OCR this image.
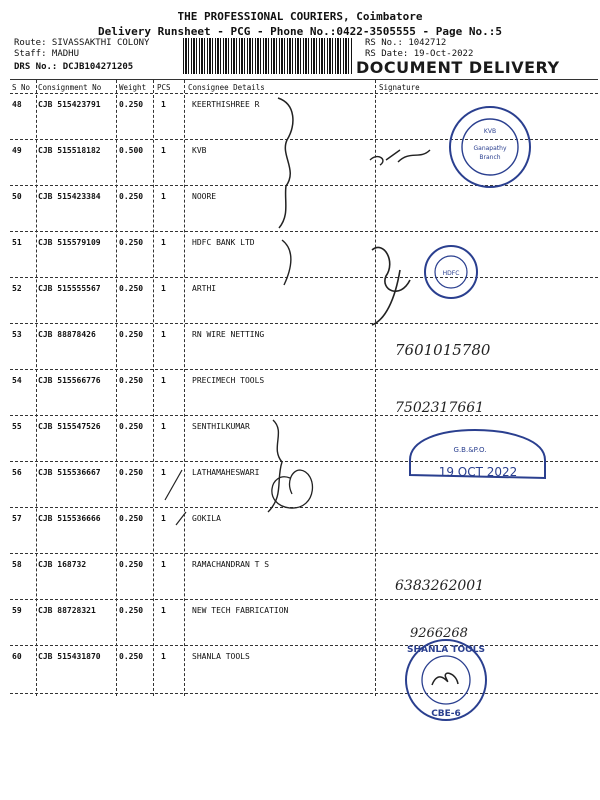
THE PROFESSIONAL COURIERS, Coimbatore
Delivery Runsheet - PCG - Phone No.:0422-3505555 - Page No.:5
Route: SIVASSAKTHI COLONY
Staff: MADHU
DRS No.: DCJB104271205
RS No.: 1042712
RS Date: 19-Oct-2022
DOCUMENT DELIVERY
S No Consignment No Weight PCS Consignee Details	Signature
48 CJB 515423791 0.250 1	KEERTHISHREE R
49 CJB 515518182 0.500 1	KVB
50 CJB 515423384 0.250 1	NOORE
51 CJB 515579109 0.250 1	HDFC BANK LTD
52 CJB 515555567 0.250 1	ARTHI
53 CJB 88878426	0.250 1	RN WIRE NETTING
54 CJB 515566776 0.250 1	PRECIMECH TOOLS
55 CJB 515547526 0.250 1	SENTHILKUMAR
56 CJB 515536667 0.250 1	LATHAMAHESWARI
57 CJB 515536666 0.250 1	GOKILA
58 CJB 168732	0.250 1	RAMACHANDRAN T S
59 CJB 88728321	0.250 1	NEW TECH FABRICATION
60 CJB 515431870 0.250 1	SHANLA TOOLS
KVB
Ganapathy
Branch
HDFC
7601015780
7502317661
6383262001
9266268
G.B.&P.O.
19 OCT 2022
SHANLA TOOLS
CBE-6
